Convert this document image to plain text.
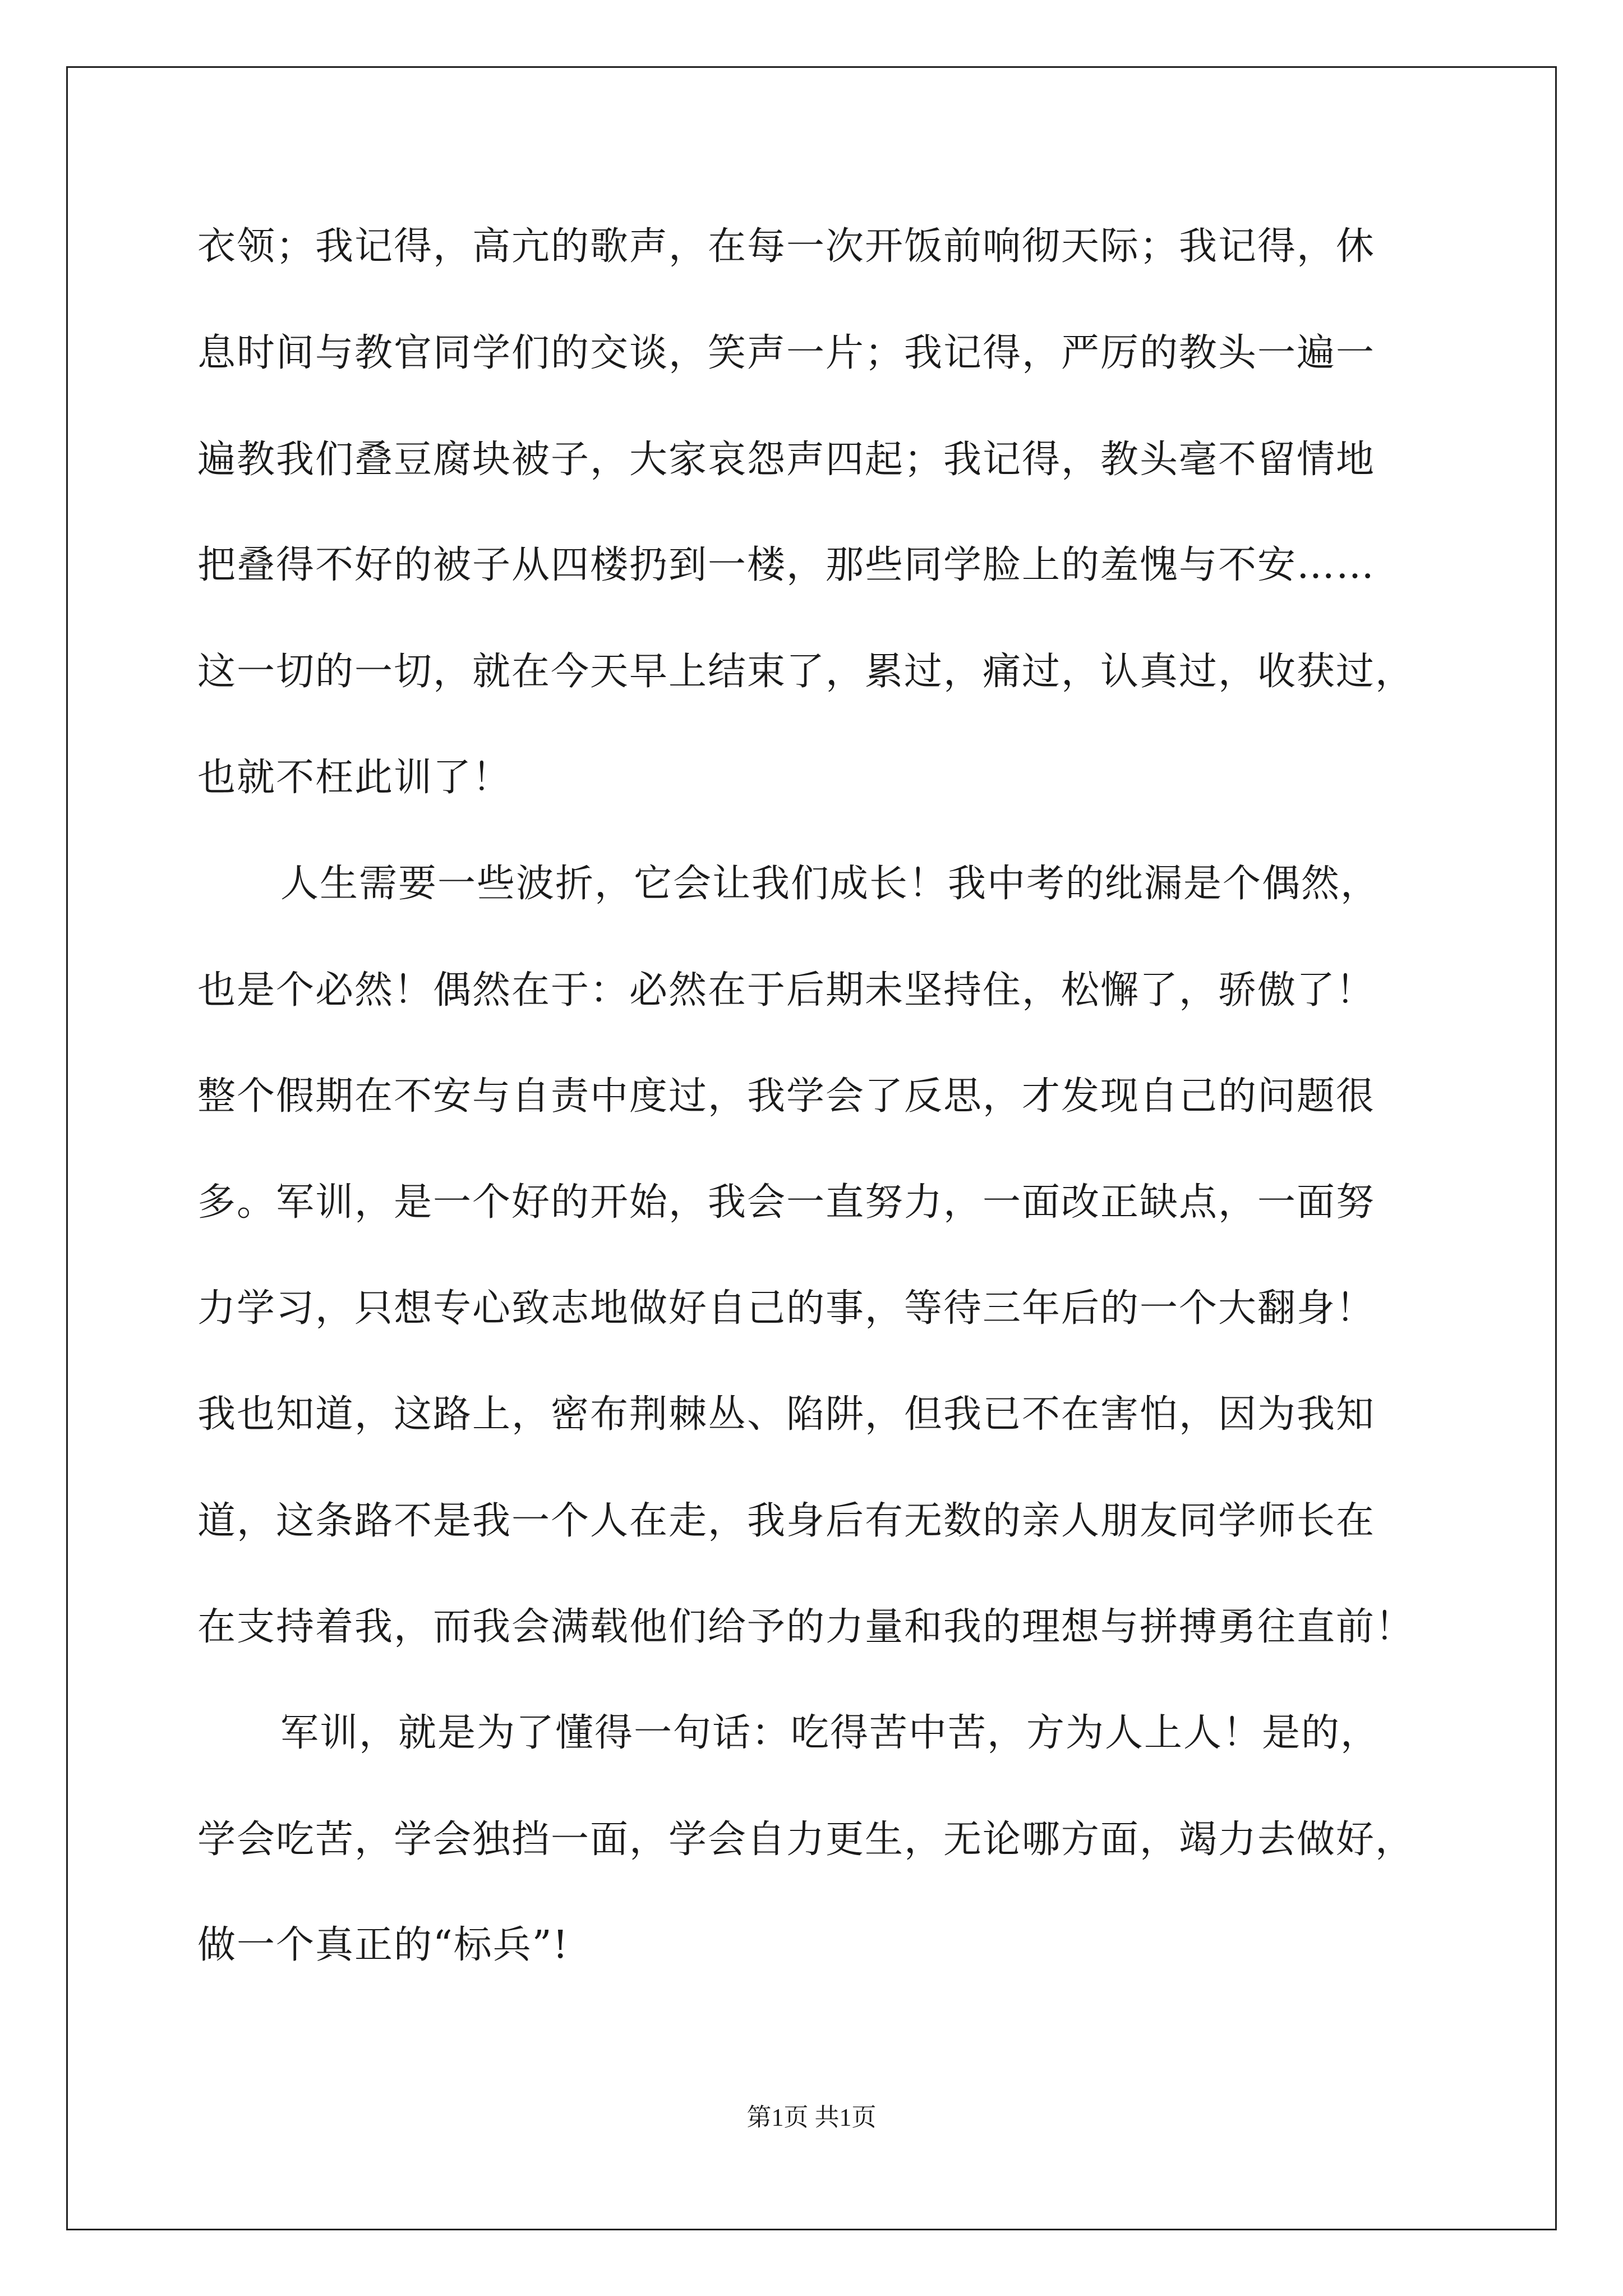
衣领；我记得，高亢的歌声，在每一次开饭前响彻天际；我记得，休
息时间与教官同学们的交谈，笑声一片；我记得，严厉的教头一遍一
遍教我们叠豆腐块被子，大家哀怨声四起；我记得，教头毫不留情地
把叠得不好的被子从四楼扔到一楼，那些同学脸上的羞愧与不安……
这一切的一切，就在今天早上结束了，累过，痛过，认真过，收获过，
也就不枉此训了！
人生需要一些波折，它会让我们成长！我中考的纰漏是个偶然，
也是个必然！偶然在于：必然在于后期未坚持住，松懈了，骄傲了！
整个假期在不安与自责中度过，我学会了反思，才发现自己的问题很
多。军训，是一个好的开始，我会一直努力，一面改正缺点，一面努
力学习，只想专心致志地做好自己的事，等待三年后的一个大翻身！
我也知道，这路上，密布荆棘丛、陷阱，但我已不在害怕，因为我知
道，这条路不是我一个人在走，我身后有无数的亲人朋友同学师长在
在支持着我，而我会满载他们给予的力量和我的理想与拼搏勇往直前！
军训，就是为了懂得一句话：吃得苦中苦，方为人上人！是的，
学会吃苦，学会独挡一面，学会自力更生，无论哪方面，竭力去做好，
做一个真正的“标兵”!
第1页 共1页
